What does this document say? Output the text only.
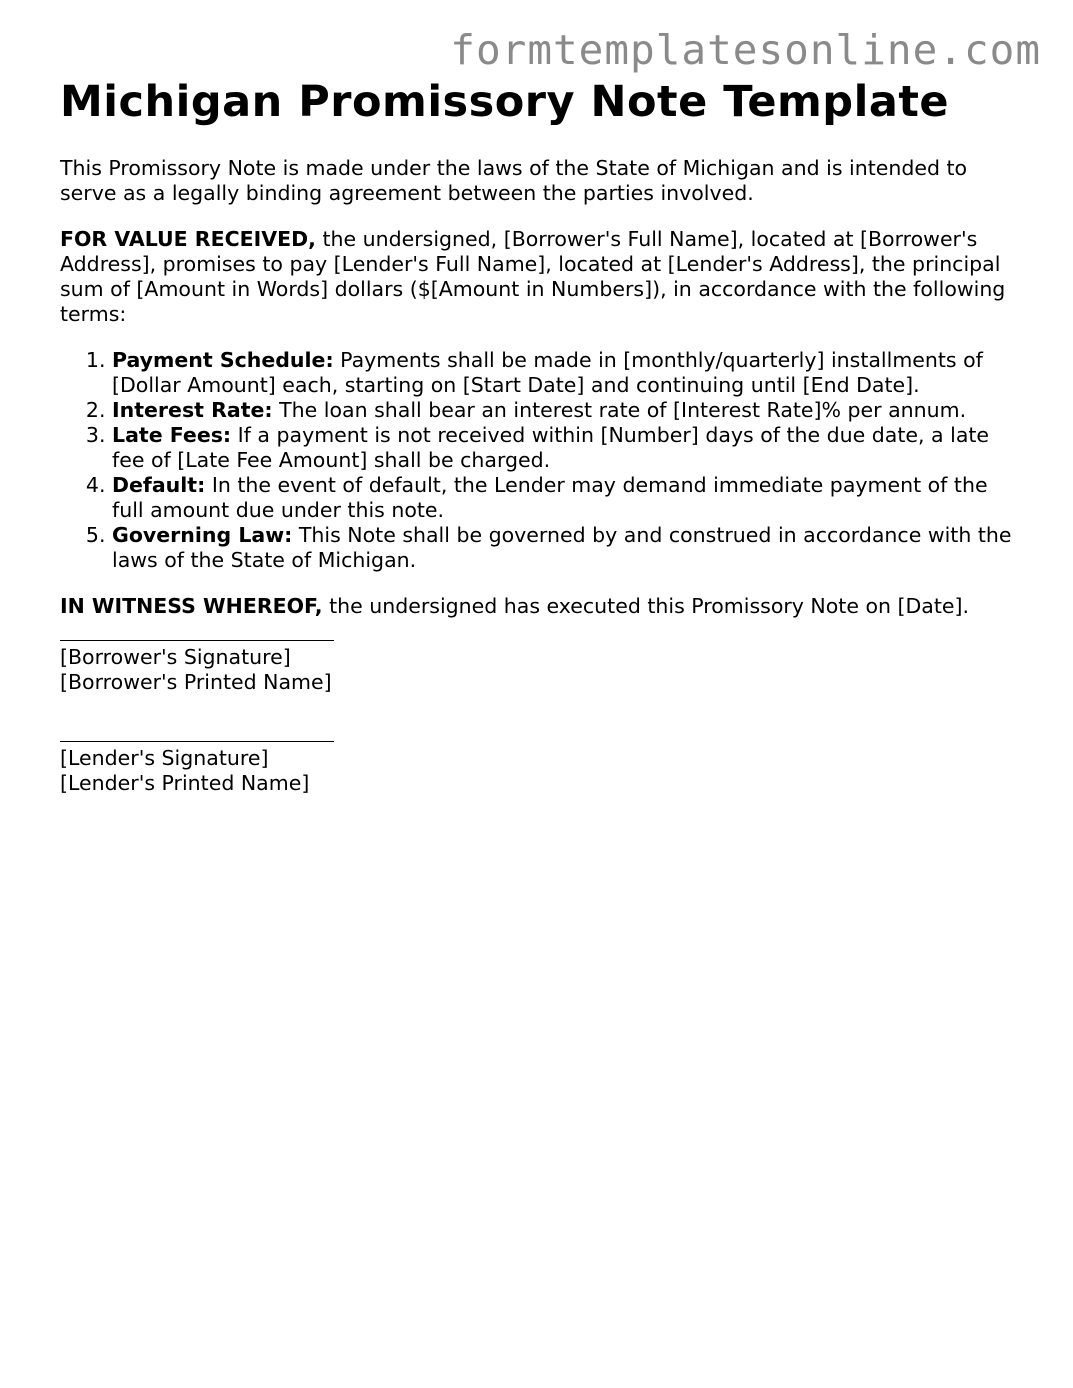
formtemplatesonline.com
Michigan Promissory Note Template

This Promissory Note is made under the laws of the State of Michigan and is intended to serve as a legally binding agreement between the parties involved.

FOR VALUE RECEIVED, the undersigned, [Borrower's Full Name], located at [Borrower's Address], promises to pay [Lender's Full Name], located at [Lender's Address], the principal sum of [Amount in Words] dollars ($[Amount in Numbers]), in accordance with the following terms:

1. Payment Schedule: Payments shall be made in [monthly/quarterly] installments of [Dollar Amount] each, starting on [Start Date] and continuing until [End Date].
2. Interest Rate: The loan shall bear an interest rate of [Interest Rate]% per annum.
3. Late Fees: If a payment is not received within [Number] days of the due date, a late fee of [Late Fee Amount] shall be charged.
4. Default: In the event of default, the Lender may demand immediate payment of the full amount due under this note.
5. Governing Law: This Note shall be governed by and construed in accordance with the laws of the State of Michigan.

IN WITNESS WHEREOF, the undersigned has executed this Promissory Note on [Date].

[Borrower's Signature]
[Borrower's Printed Name]
[Lender's Signature]
[Lender's Printed Name]
